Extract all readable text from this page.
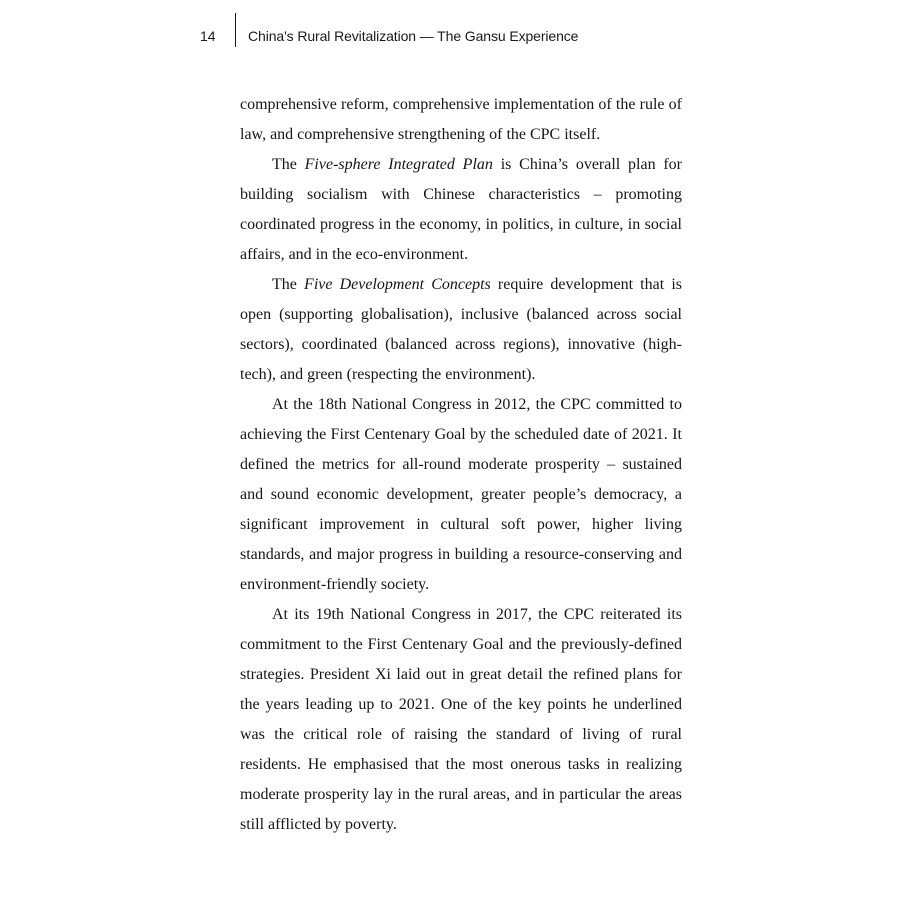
14	China's Rural Revitalization — The Gansu Experience

comprehensive reform, comprehensive implementation of the rule of law, and comprehensive strengthening of the CPC itself.

The Five-sphere Integrated Plan is China’s overall plan for building socialism with Chinese characteristics – promoting coordinated progress in the economy, in politics, in culture, in social affairs, and in the eco-environment.

The Five Development Concepts require development that is open (supporting globalisation), inclusive (balanced across social sectors), coordinated (balanced across regions), innovative (high-tech), and green (respecting the environment).

At the 18th National Congress in 2012, the CPC committed to achieving the First Centenary Goal by the scheduled date of 2021. It defined the metrics for all-round moderate prosperity – sustained and sound economic development, greater people’s democracy, a significant improvement in cultural soft power, higher living standards, and major progress in building a resource-conserving and environment-friendly society.

At its 19th National Congress in 2017, the CPC reiterated its commitment to the First Centenary Goal and the previously-defined strategies. President Xi laid out in great detail the refined plans for the years leading up to 2021. One of the key points he underlined was the critical role of raising the standard of living of rural residents. He emphasised that the most onerous tasks in realizing moderate prosperity lay in the rural areas, and in particular the areas still afflicted by poverty.
